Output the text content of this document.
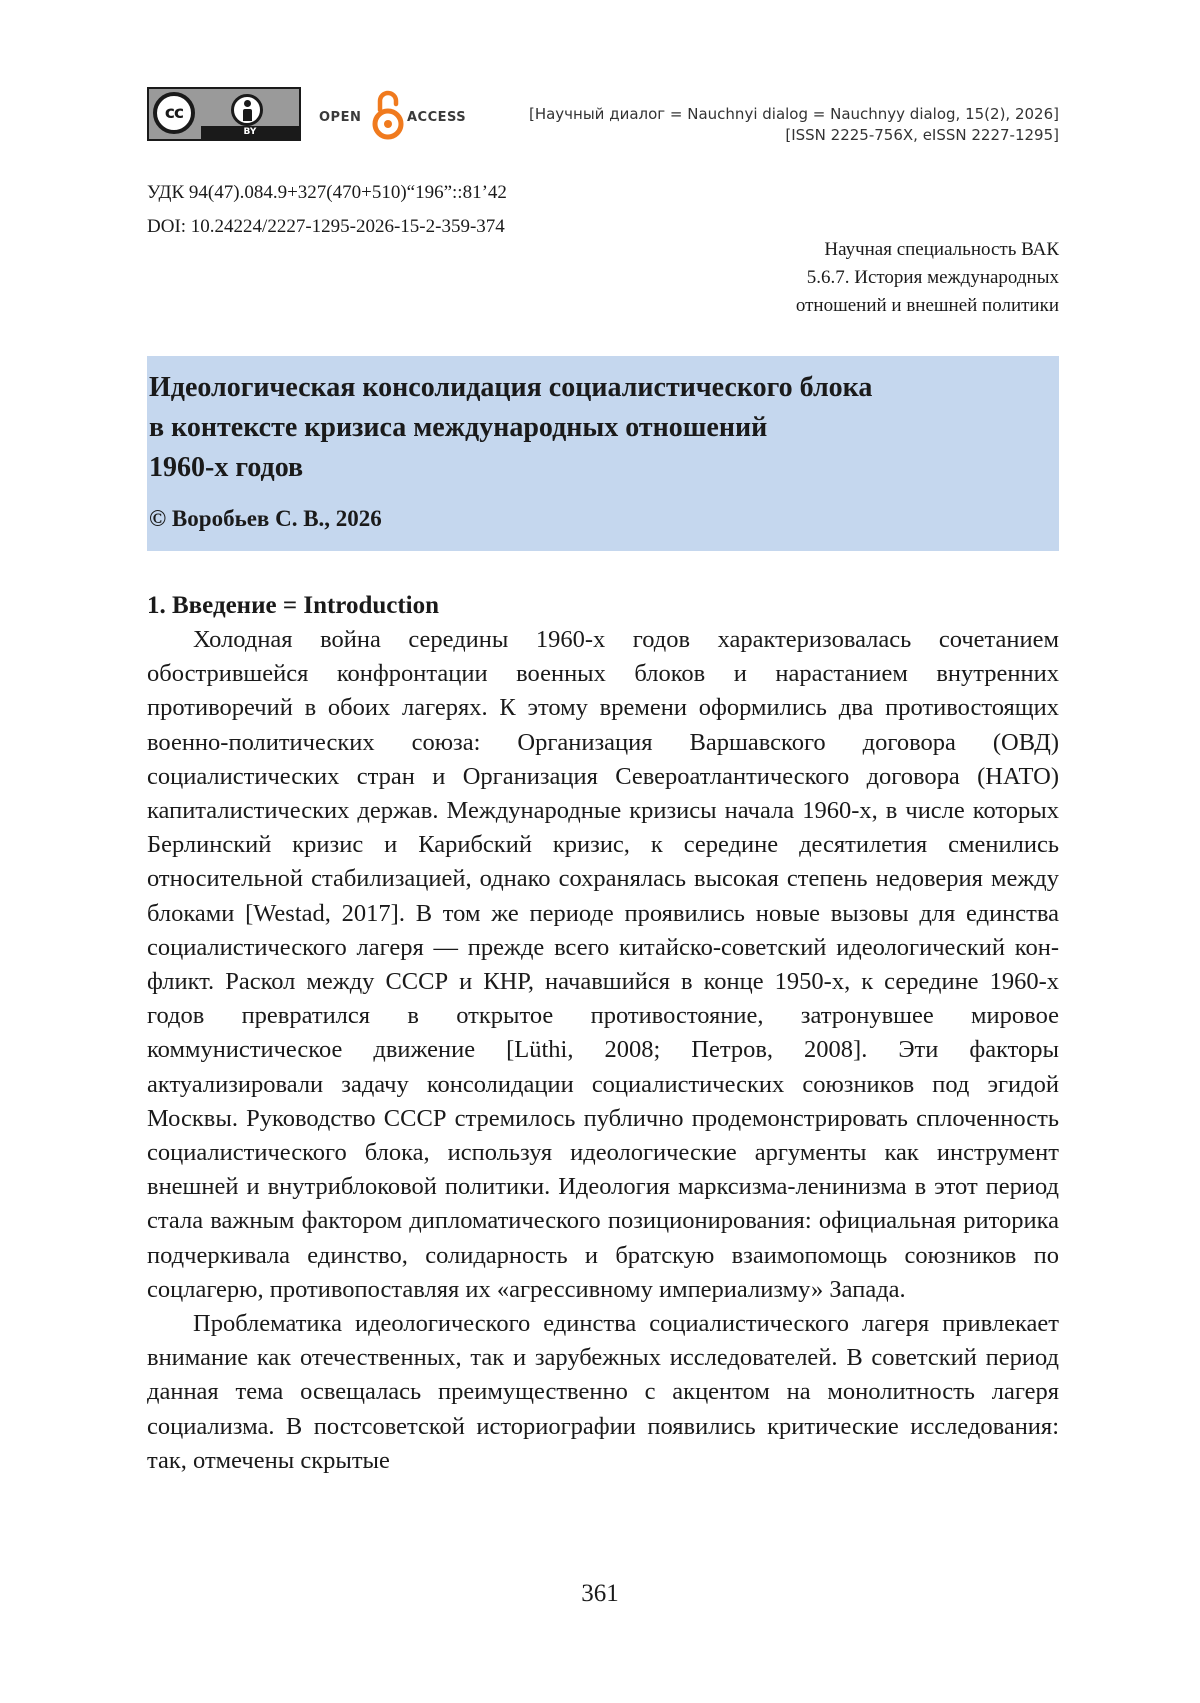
cc
BY
OPEN	ACCESS	[Научный диалог = Nauchnyi dialog = Nauchnyy dialog, 15(2), 2026]
[ISSN 2225-756X, eISSN 2227-1295]
УДК 94(47).084.9+327(470+510)“196”::81’42
DOI: 10.24224/2227-1295-2026-15-2-359-374
Научная специальность ВАК
5.6.7. История международных
отношений и внешней политики
Идеологическая консолидация социалистического блока
в контексте кризиса международных отношений
1960-х годов
© Воробьев С. В., 2026
1. Введение = Introduction

Холодная война середины 1960-х годов характеризовалась сочетанием обострившейся конфронтации военных блоков и нарастанием внутренних противоречий в обоих лагерях. К этому времени оформились два противостоящих военно-политических союза: Организация Варшавского договора (ОВД) социалистических стран и Организация Североатлантического договора (НАТО) капиталистических держав. Международные кризисы начала 1960-х, в числе которых Берлинский кризис и Карибский кризис, к середине десятилетия сменились относительной стабилизацией, однако сохранялась высокая степень недоверия между блоками [Westad, 2017]. В том же периоде проявились новые вызовы для единства социалистического лагеря — прежде всего китайско-советский идеологический конфликт. Раскол между СССР и КНР, начавшийся в конце 1950-х, к середине 1960-х годов превратился в открытое противостояние, затронувшее мировое коммунистическое движение [Lüthi, 2008; Петров, 2008]. Эти факторы актуализировали задачу консолидации социалистических союзников под эгидой Москвы. Руководство СССР стремилось публично продемонстрировать сплоченность социалистического блока, используя идеологические аргументы как инструмент внешней и внутриблоковой политики. Идеология марксизма-ленинизма в этот период стала важным фактором дипломатического позиционирования: официальная риторика подчеркивала единство, солидарность и братскую взаимопомощь союзников по соцлагерю, противопоставляя их «агрессивному империализму» Запада.

Проблематика идеологического единства социалистического лагеря привлекает внимание как отечественных, так и зарубежных исследователей. В советский период данная тема освещалась преимущественно с акцентом на монолитность лагеря социализма. В постсоветской историографии появились критические исследования: так, отмечены скрытые

361
